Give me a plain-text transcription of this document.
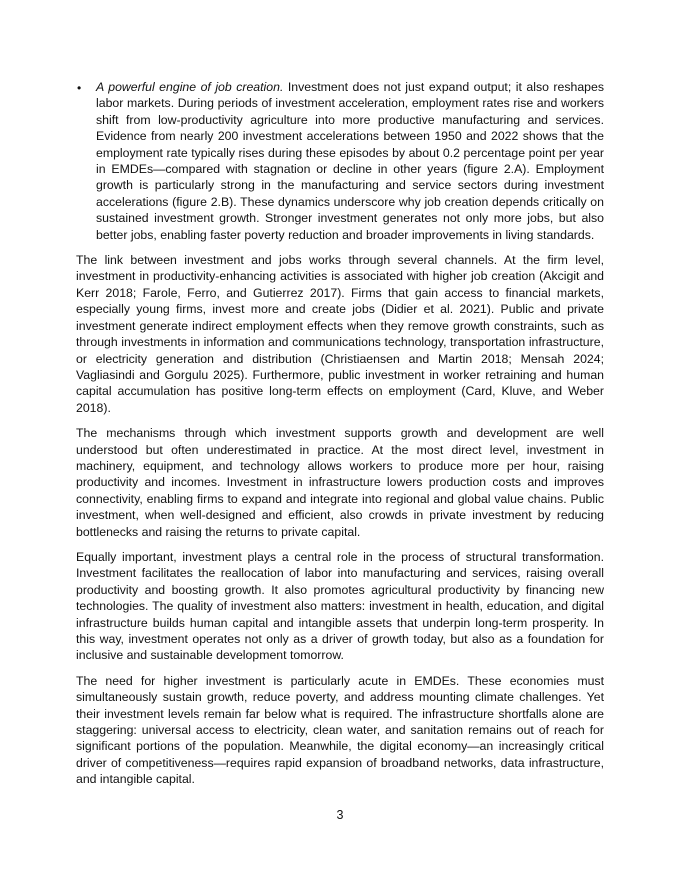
• A powerful engine of job creation. Investment does not just expand output; it also reshapes labor markets. During periods of investment acceleration, employment rates rise and workers shift from low-productivity agriculture into more productive manufacturing and services. Evidence from nearly 200 investment accelerations between 1950 and 2022 shows that the employment rate typically rises during these episodes by about 0.2 percentage point per year in EMDEs—compared with stagnation or decline in other years (figure 2.A). Employment growth is particularly strong in the manufacturing and service sectors during investment accelerations (figure 2.B). These dynamics underscore why job creation depends critically on sustained investment growth. Stronger investment generates not only more jobs, but also better jobs, enabling faster poverty reduction and broader improvements in living standards.

The link between investment and jobs works through several channels. At the firm level, investment in productivity-enhancing activities is associated with higher job creation (Akcigit and Kerr 2018; Farole, Ferro, and Gutierrez 2017). Firms that gain access to financial markets, especially young firms, invest more and create jobs (Didier et al. 2021). Public and private investment generate indirect employment effects when they remove growth constraints, such as through investments in information and communications technology, transportation infrastructure, or electricity generation and distribution (Christiaensen and Martin 2018; Mensah 2024; Vagliasindi and Gorgulu 2025). Furthermore, public investment in worker retraining and human capital accumulation has positive long-term effects on employment (Card, Kluve, and Weber 2018).

The mechanisms through which investment supports growth and development are well understood but often underestimated in practice. At the most direct level, investment in machinery, equipment, and technology allows workers to produce more per hour, raising productivity and incomes. Investment in infrastructure lowers production costs and improves connectivity, enabling firms to expand and integrate into regional and global value chains. Public investment, when well-designed and efficient, also crowds in private investment by reducing bottlenecks and raising the returns to private capital.

Equally important, investment plays a central role in the process of structural transformation. Investment facilitates the reallocation of labor into manufacturing and services, raising overall productivity and boosting growth. It also promotes agricultural productivity by financing new technologies. The quality of investment also matters: investment in health, education, and digital infrastructure builds human capital and intangible assets that underpin long-term prosperity. In this way, investment operates not only as a driver of growth today, but also as a foundation for inclusive and sustainable development tomorrow.

The need for higher investment is particularly acute in EMDEs. These economies must simultaneously sustain growth, reduce poverty, and address mounting climate challenges. Yet their investment levels remain far below what is required. The infrastructure shortfalls alone are staggering: universal access to electricity, clean water, and sanitation remains out of reach for significant portions of the population. Meanwhile, the digital economy—an increasingly critical driver of competitiveness—requires rapid expansion of broadband networks, data infrastructure, and intangible capital.

3
